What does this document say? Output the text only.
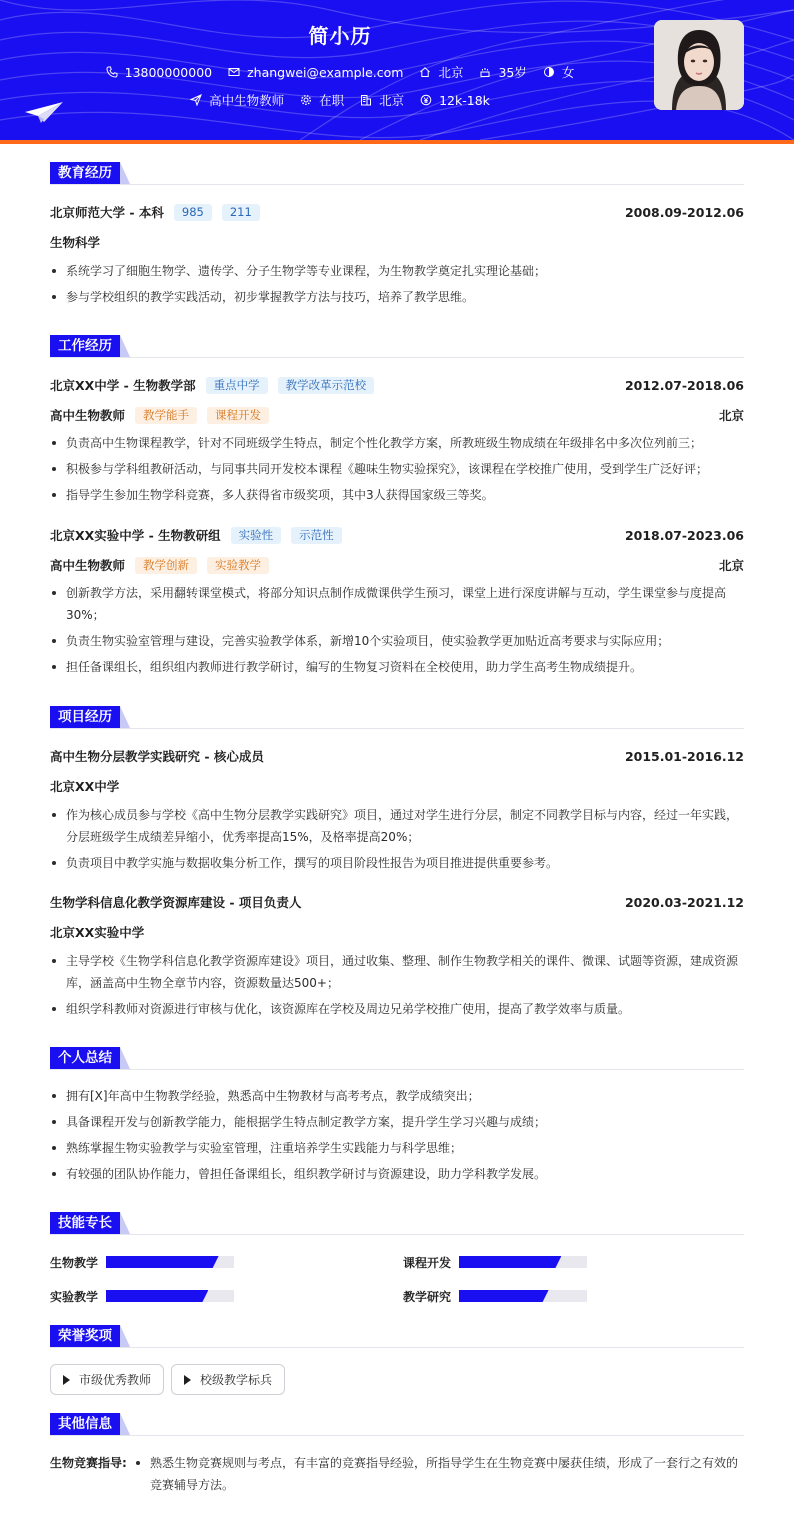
简小历
13800000000
	zhangwei@example.com
	北京
	35岁
	女
高中生物教师
	在职
	北京
	12k-18k
教育经历
北京师范大学 - 本科	985	211	2008.09-2012.06
生物科学
系统学习了细胞生物学、遗传学、分子生物学等专业课程，为生物教学奠定扎实理论基础；
参与学校组织的教学实践活动，初步掌握教学方法与技巧，培养了教学思维。
工作经历
北京XX中学 - 生物教学部	重点中学	教学改革示范校	2012.07-2018.06
高中生物教师	教学能手	课程开发	北京
负责高中生物课程教学，针对不同班级学生特点，制定个性化教学方案，所教班级生物成绩在年级排名中多次位列前三；
积极参与学科组教研活动，与同事共同开发校本课程《趣味生物实验探究》，该课程在学校推广使用，受到学生广泛好评；
指导学生参加生物学科竞赛，多人获得省市级奖项，其中3人获得国家级三等奖。
北京XX实验中学 - 生物教研组	实验性	示范性	2018.07-2023.06
高中生物教师	教学创新	实验教学	北京
创新教学方法，采用翻转课堂模式，将部分知识点制作成微课供学生预习，课堂上进行深度讲解与互动，学生课堂参与度提高
30%；
负责生物实验室管理与建设，完善实验教学体系，新增10个实验项目，使实验教学更加贴近高考要求与实际应用；
担任备课组长，组织组内教师进行教学研讨，编写的生物复习资料在全校使用，助力学生高考生物成绩提升。
项目经历
高中生物分层教学实践研究 - 核心成员	2015.01-2016.12
北京XX中学
作为核心成员参与学校《高中生物分层教学实践研究》项目，通过对学生进行分层，制定不同教学目标与内容，经过一年实践，
分层班级学生成绩差异缩小，优秀率提高15%，及格率提高20%；
负责项目中教学实施与数据收集分析工作，撰写的项目阶段性报告为项目推进提供重要参考。
生物学科信息化教学资源库建设 - 项目负责人	2020.03-2021.12
北京XX实验中学
主导学校《生物学科信息化教学资源库建设》项目，通过收集、整理、制作生物教学相关的课件、微课、试题等资源，建成资源
库，涵盖高中生物全章节内容，资源数量达500+；
组织学科教师对资源进行审核与优化，该资源库在学校及周边兄弟学校推广使用，提高了教学效率与质量。
个人总结
拥有[X]年高中生物教学经验，熟悉高中生物教材与高考考点，教学成绩突出；
具备课程开发与创新教学能力，能根据学生特点制定教学方案，提升学生学习兴趣与成绩；
熟练掌握生物实验教学与实验室管理，注重培养学生实践能力与科学思维；
有较强的团队协作能力，曾担任备课组长，组织教学研讨与资源建设，助力学科教学发展。
技能专长
生物教学	课程开发
实验教学	教学研究
荣誉奖项
市级优秀教师	校级教学标兵
其他信息
生物竞赛指导:	熟悉生物竞赛规则与考点，有丰富的竞赛指导经验，所指导学生在生物竞赛中屡获佳绩，形成了一套行之有效的
竞赛辅导方法。
